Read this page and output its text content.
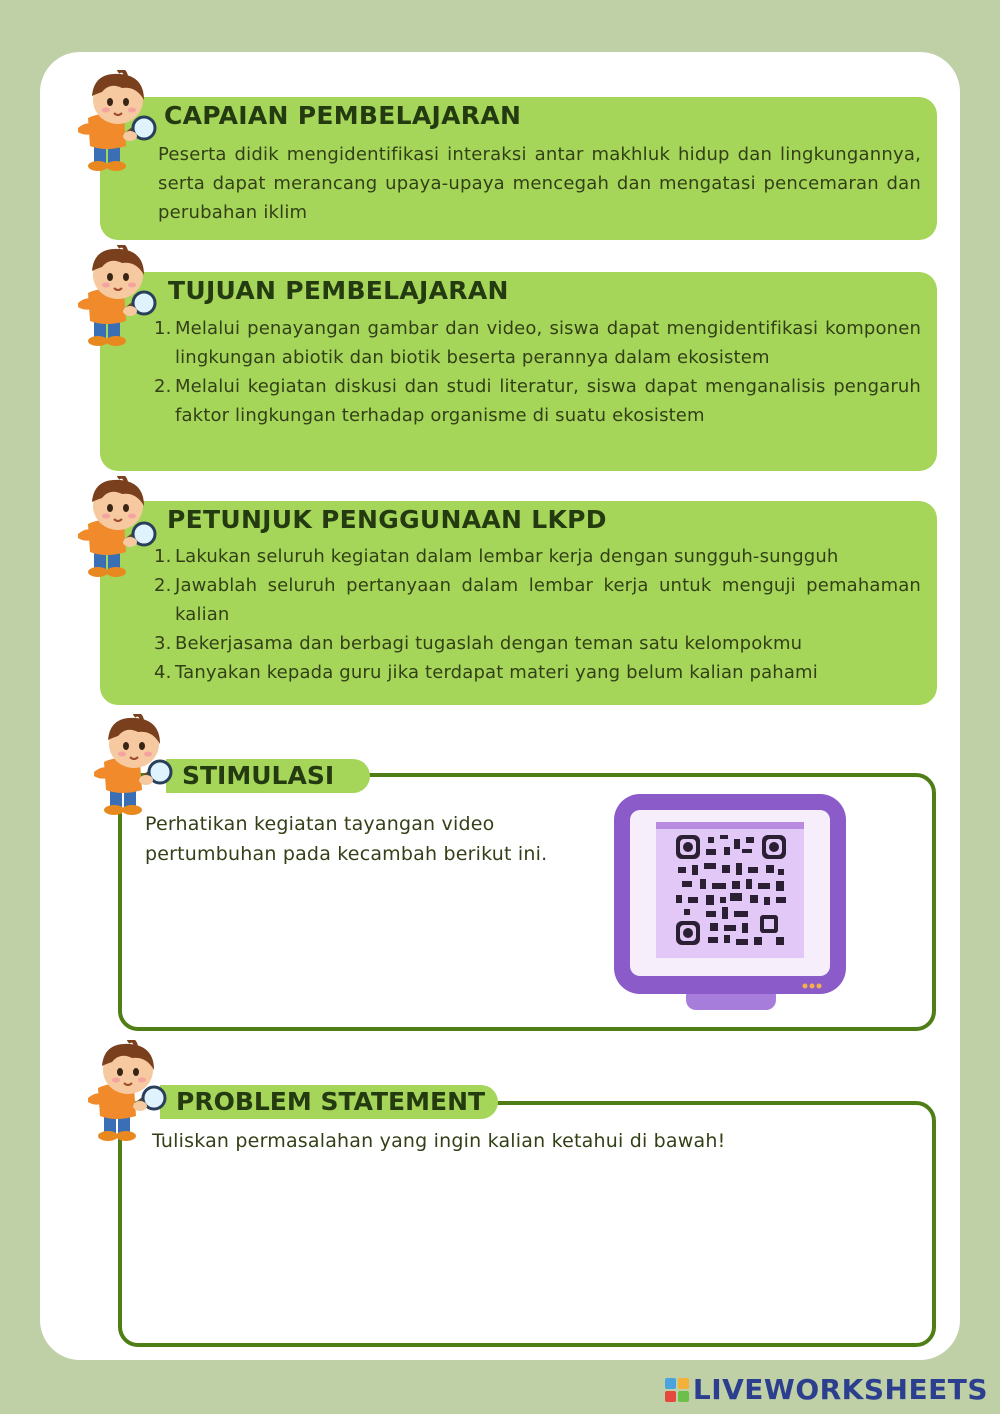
CAPAIAN PEMBELAJARAN
Peserta didik mengidentifikasi interaksi antar makhluk hidup dan lingkungannya, serta dapat merancang upaya-upaya mencegah dan mengatasi pencemaran dan perubahan iklim
TUJUAN PEMBELAJARAN
1. Melalui penayangan gambar dan video, siswa dapat mengidentifikasi komponen lingkungan abiotik dan biotik beserta perannya dalam ekosistem
2. Melalui kegiatan diskusi dan studi literatur, siswa dapat menganalisis pengaruh faktor lingkungan terhadap organisme di suatu ekosistem
PETUNJUK PENGGUNAAN LKPD
1. Lakukan seluruh kegiatan dalam lembar kerja dengan sungguh-sungguh
2. Jawablah seluruh pertanyaan dalam lembar kerja untuk menguji pemahaman kalian
3. Bekerjasama dan berbagi tugaslah dengan teman satu kelompokmu
4. Tanyakan kepada guru jika terdapat materi yang belum kalian pahami
STIMULASI
Perhatikan kegiatan tayangan video
pertumbuhan pada kecambah berikut ini.
PROBLEM STATEMENT
Tuliskan permasalahan yang ingin kalian ketahui di bawah!
LIVEWORKSHEETS
